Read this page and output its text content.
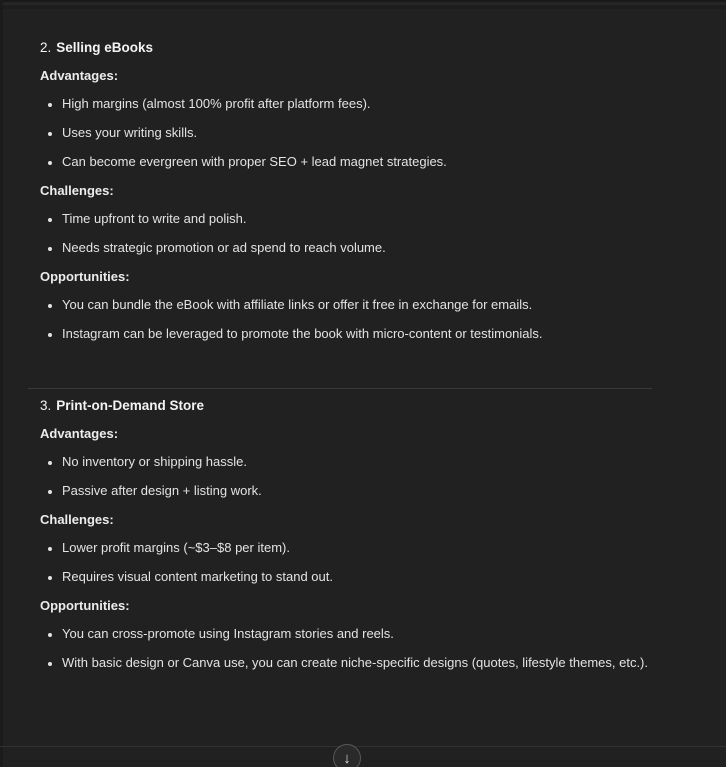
2. Selling eBooks

Advantages:

• High margins (almost 100% profit after platform fees).
• Uses your writing skills.
• Can become evergreen with proper SEO + lead magnet strategies.

Challenges:

• Time upfront to write and polish.
• Needs strategic promotion or ad spend to reach volume.

Opportunities:

• You can bundle the eBook with affiliate links or offer it free in exchange for emails.
• Instagram can be leveraged to promote the book with micro-content or testimonials.
3. Print-on-Demand Store

Advantages:

• No inventory or shipping hassle.
• Passive after design + listing work.

Challenges:

• Lower profit margins (~$3–$8 per item).
• Requires visual content marketing to stand out.

Opportunities:

• You can cross-promote using Instagram stories and reels.
• With basic design or Canva use, you can create niche-specific designs (quotes, lifestyle themes, etc.).
↓
